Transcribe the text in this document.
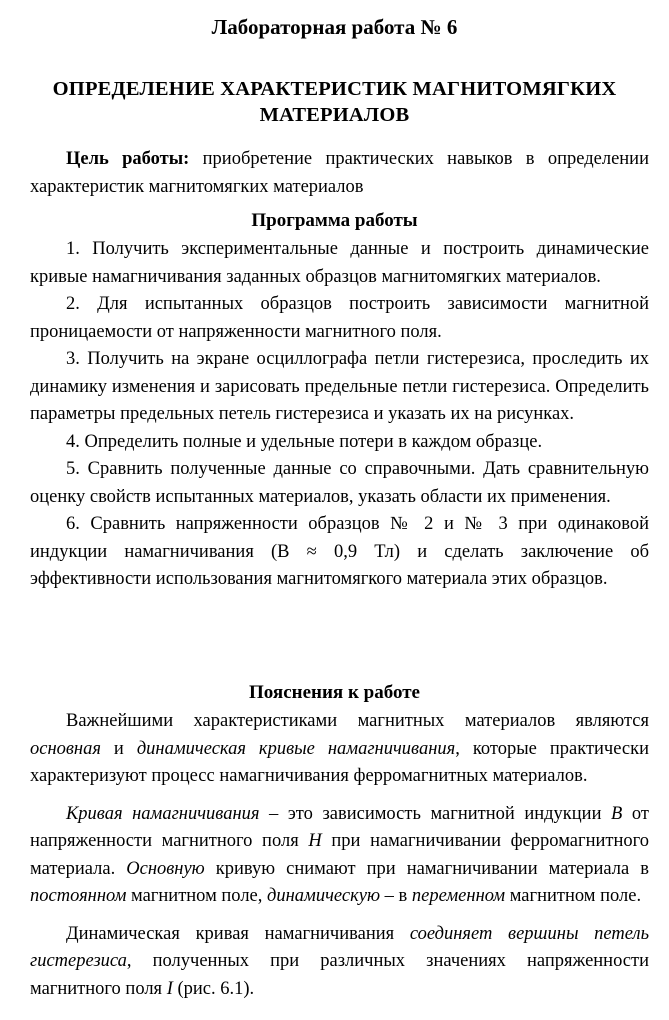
Лабораторная работа № 6
ОПРЕДЕЛЕНИЕ ХАРАКТЕРИСТИК МАГНИТОМЯГКИХ
МАТЕРИАЛОВ
Цель работы: приобретение практических навыков в определении характеристик магнитомягких материалов
Программа работы

1. Получить экспериментальные данные и построить динамические кривые намагничивания заданных образцов магнитомягких материалов.

2. Для испытанных образцов построить зависимости магнитной проницаемости от напряженности магнитного поля.

3. Получить на экране осциллографа петли гистерезиса, проследить их динамику изменения и зарисовать предельные петли гистерезиса. Определить параметры предельных петель гистерезиса и указать их на рисунках.

4. Определить полные и удельные потери в каждом образце.

5. Сравнить полученные данные со справочными. Дать сравнительную оценку свойств испытанных материалов, указать области их применения.

6. Сравнить напряженности образцов № 2 и № 3 при одинаковой индукции намагничивания (B ≈ 0,9 Тл) и сделать заключение об эффективности использования магнитомягкого материала этих образцов.

Пояснения к работе

Важнейшими характеристиками магнитных материалов являются основная и динамическая кривые намагничивания, которые практически характеризуют процесс намагничивания ферромагнитных материалов.

Кривая намагничивания – это зависимость магнитной индукции B от напряженности магнитного поля H при намагничивании ферромагнитного материала. Основную кривую снимают при намагничивании материала в постоянном магнитном поле, динамическую – в переменном магнитном поле.

Динамическая кривая намагничивания соединяет вершины петель гистерезиса, полученных при различных значениях напряженности магнитного поля I (рис. 6.1).
